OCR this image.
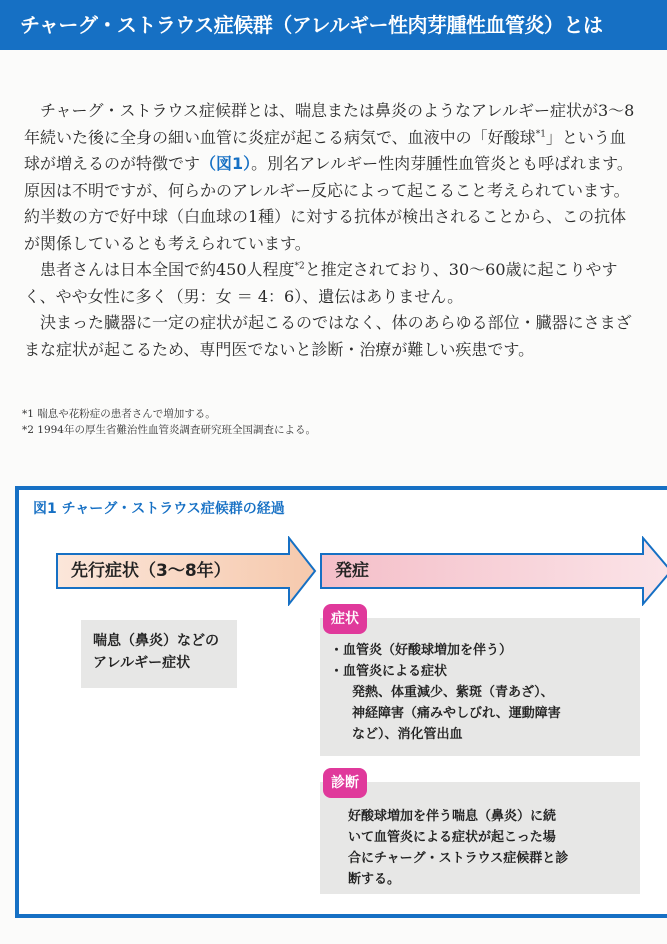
チャーグ・ストラウス症候群（アレルギー性肉芽腫性血管炎）とは

チャーグ・ストラウス症候群とは、喘息または鼻炎のようなアレルギー症状が3〜8年続いた後に全身の細い血管に炎症が起こる病気で、血液中の「好酸球$^{*1}$」という血球が増えるのが特徴です（図1）。別名アレルギー性肉芽腫性血管炎とも呼ばれます。原因は不明ですが、何らかのアレルギー反応によって起こること考えられています。約半数の方で好中球（白血球の1種）に対する抗体が検出されることから、この抗体が関係しているとも考えられています。

患者さんは日本全国で約450人程度$^{*2}$と推定されており、30〜60歳に起こりやすく、やや女性に多く（男：女 ＝ 4：6）、遺伝はありません。

決まった臓器に一定の症状が起こるのではなく、体のあらゆる部位・臓器にさまざまな症状が起こるため、専門医でないと診断・治療が難しい疾患です。

*1 喘息や花粉症の患者さんで増加する。
*2 1994年の厚生省難治性血管炎調査研究班全国調査による。
図1 チャーグ・ストラウス症候群の経過
先行症状（3〜8年）	発症
喘息（鼻炎）などの
アレルギー症状
・血管炎（好酸球増加を伴う）
・血管炎による症状
発熱、体重減少、紫斑（青あざ）、
神経障害（痛みやしびれ、運動障害
など）、消化管出血
症状
好酸球増加を伴う喘息（鼻炎）に続
いて血管炎による症状が起こった場
合にチャーグ・ストラウス症候群と診
断する。
診断
